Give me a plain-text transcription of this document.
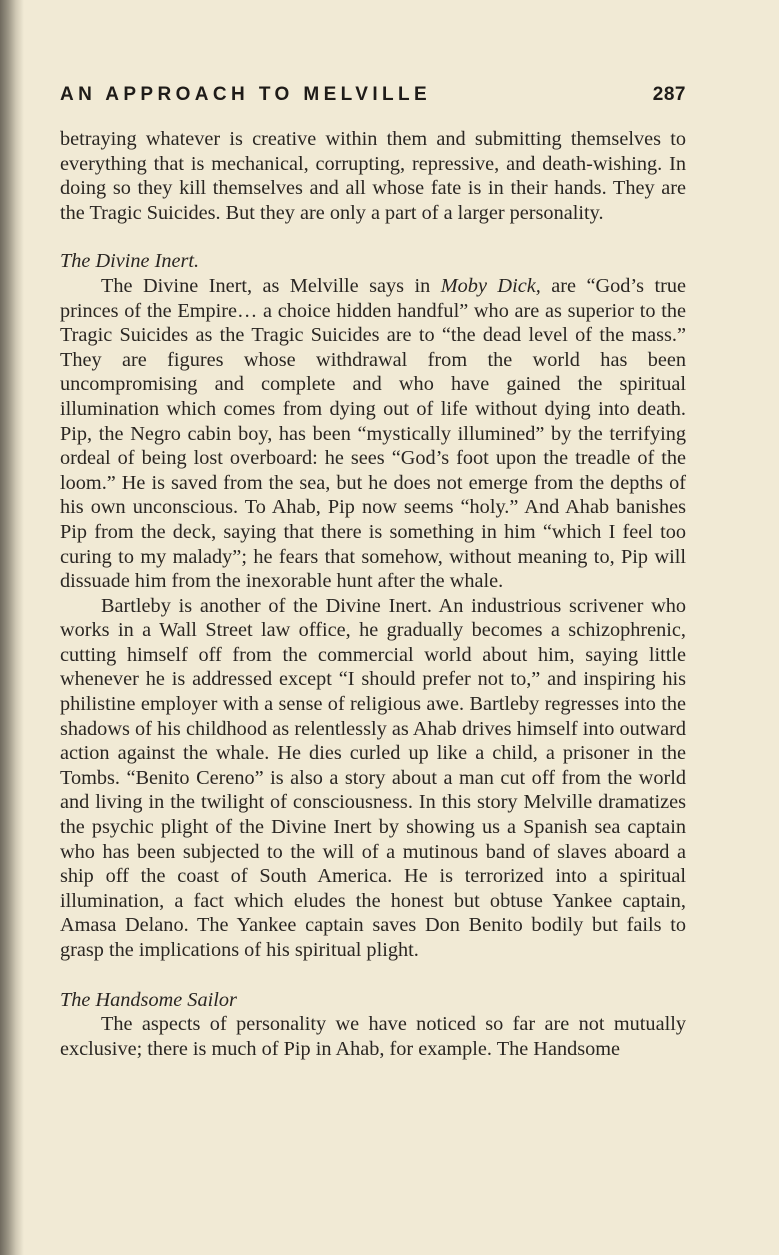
AN APPROACH TO MELVILLE	287

betraying whatever is creative within them and submitting themselves to everything that is mechanical, corrupting, repressive, and death-wishing. In doing so they kill themselves and all whose fate is in their hands. They are the Tragic Suicides. But they are only a part of a larger personality.

The Divine Inert.

The Divine Inert, as Melville says in Moby Dick, are “God’s true princes of the Empire… a choice hidden handful” who are as superior to the Tragic Suicides as the Tragic Suicides are to “the dead level of the mass.” They are figures whose withdrawal from the world has been uncompromising and complete and who have gained the spiritual illumination which comes from dying out of life without dying into death. Pip, the Negro cabin boy, has been “mystically illumined” by the terrifying ordeal of being lost overboard: he sees “God’s foot upon the treadle of the loom.” He is saved from the sea, but he does not emerge from the depths of his own unconscious. To Ahab, Pip now seems “holy.” And Ahab banishes Pip from the deck, saying that there is something in him “which I feel too curing to my malady”; he fears that somehow, without meaning to, Pip will dissuade him from the inexorable hunt after the whale.

Bartleby is another of the Divine Inert. An industrious scrivener who works in a Wall Street law office, he gradually becomes a schizophrenic, cutting himself off from the commercial world about him, saying little whenever he is addressed except “I should prefer not to,” and inspiring his philistine employer with a sense of religious awe. Bartleby regresses into the shadows of his childhood as relentlessly as Ahab drives himself into outward action against the whale. He dies curled up like a child, a prisoner in the Tombs. “Benito Cereno” is also a story about a man cut off from the world and living in the twilight of consciousness. In this story Melville dramatizes the psychic plight of the Divine Inert by showing us a Spanish sea captain who has been subjected to the will of a mutinous band of slaves aboard a ship off the coast of South America. He is terrorized into a spiritual illumination, a fact which eludes the honest but obtuse Yankee captain, Amasa Delano. The Yankee captain saves Don Benito bodily but fails to grasp the implications of his spiritual plight.

The Handsome Sailor

The aspects of personality we have noticed so far are not mutually exclusive; there is much of Pip in Ahab, for example. The Handsome
